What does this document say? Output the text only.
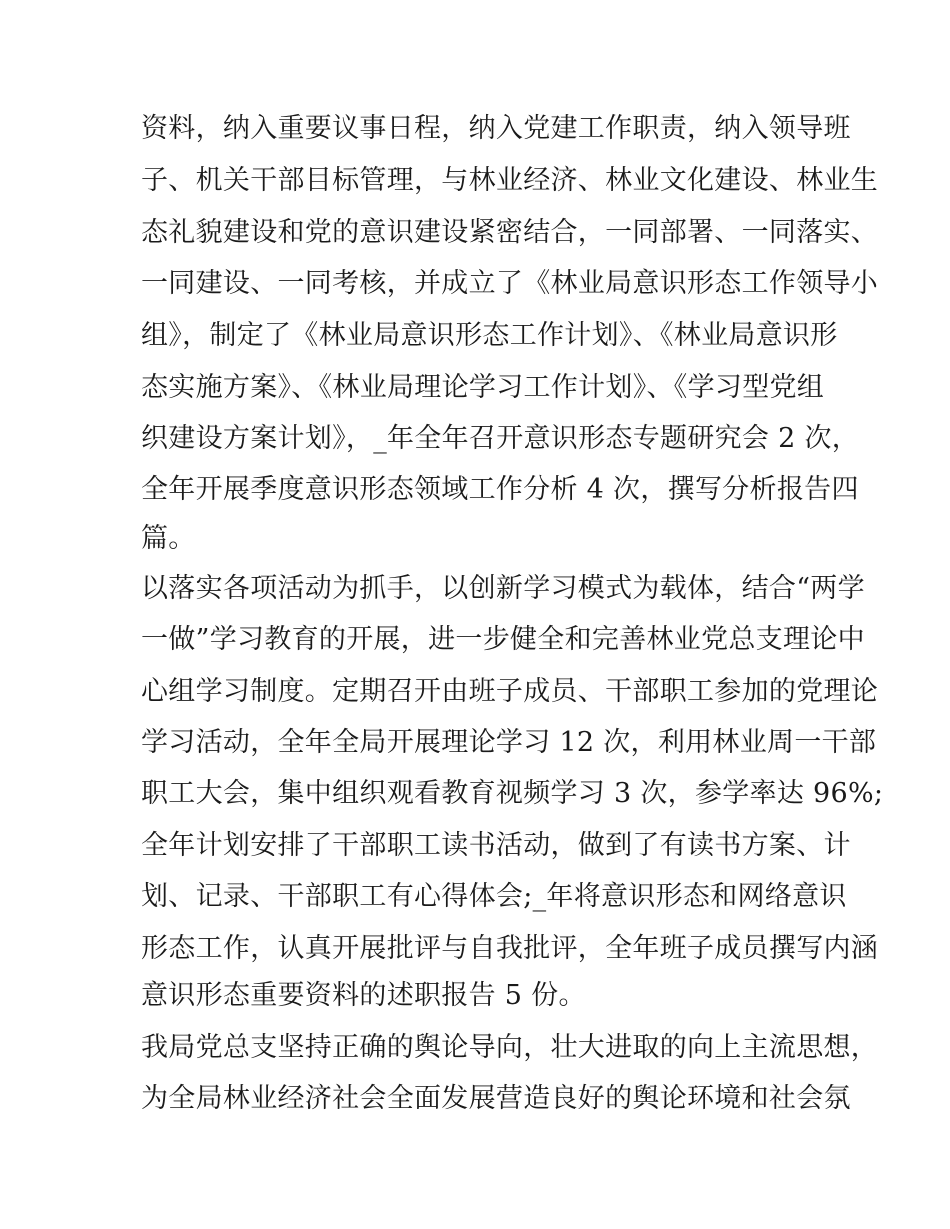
资料，纳入重要议事日程，纳入党建工作职责，纳入领导班
子、机关干部目标管理，与林业经济、林业文化建设、林业生
态礼貌建设和党的意识建设紧密结合，一同部署、一同落实、
一同建设、一同考核，并成立了《林业局意识形态工作领导小
组》，制定了《林业局意识形态工作计划》、《林业局意识形
态实施方案》、《林业局理论学习工作计划》、《学习型党组
织建设方案计划》，_年全年召开意识形态专题研究会 2 次，
全年开展季度意识形态领域工作分析 4 次，撰写分析报告四
篇。
以落实各项活动为抓手，以创新学习模式为载体，结合“两学
一做”学习教育的开展，进一步健全和完善林业党总支理论中
心组学习制度。定期召开由班子成员、干部职工参加的党理论
学习活动，全年全局开展理论学习 12 次，利用林业周一干部
职工大会，集中组织观看教育视频学习 3 次，参学率达 96%;
全年计划安排了干部职工读书活动，做到了有读书方案、计
划、记录、干部职工有心得体会;_年将意识形态和网络意识
形态工作，认真开展批评与自我批评，全年班子成员撰写内涵
意识形态重要资料的述职报告 5 份。
我局党总支坚持正确的舆论导向，壮大进取的向上主流思想，
为全局林业经济社会全面发展营造良好的舆论环境和社会氛
